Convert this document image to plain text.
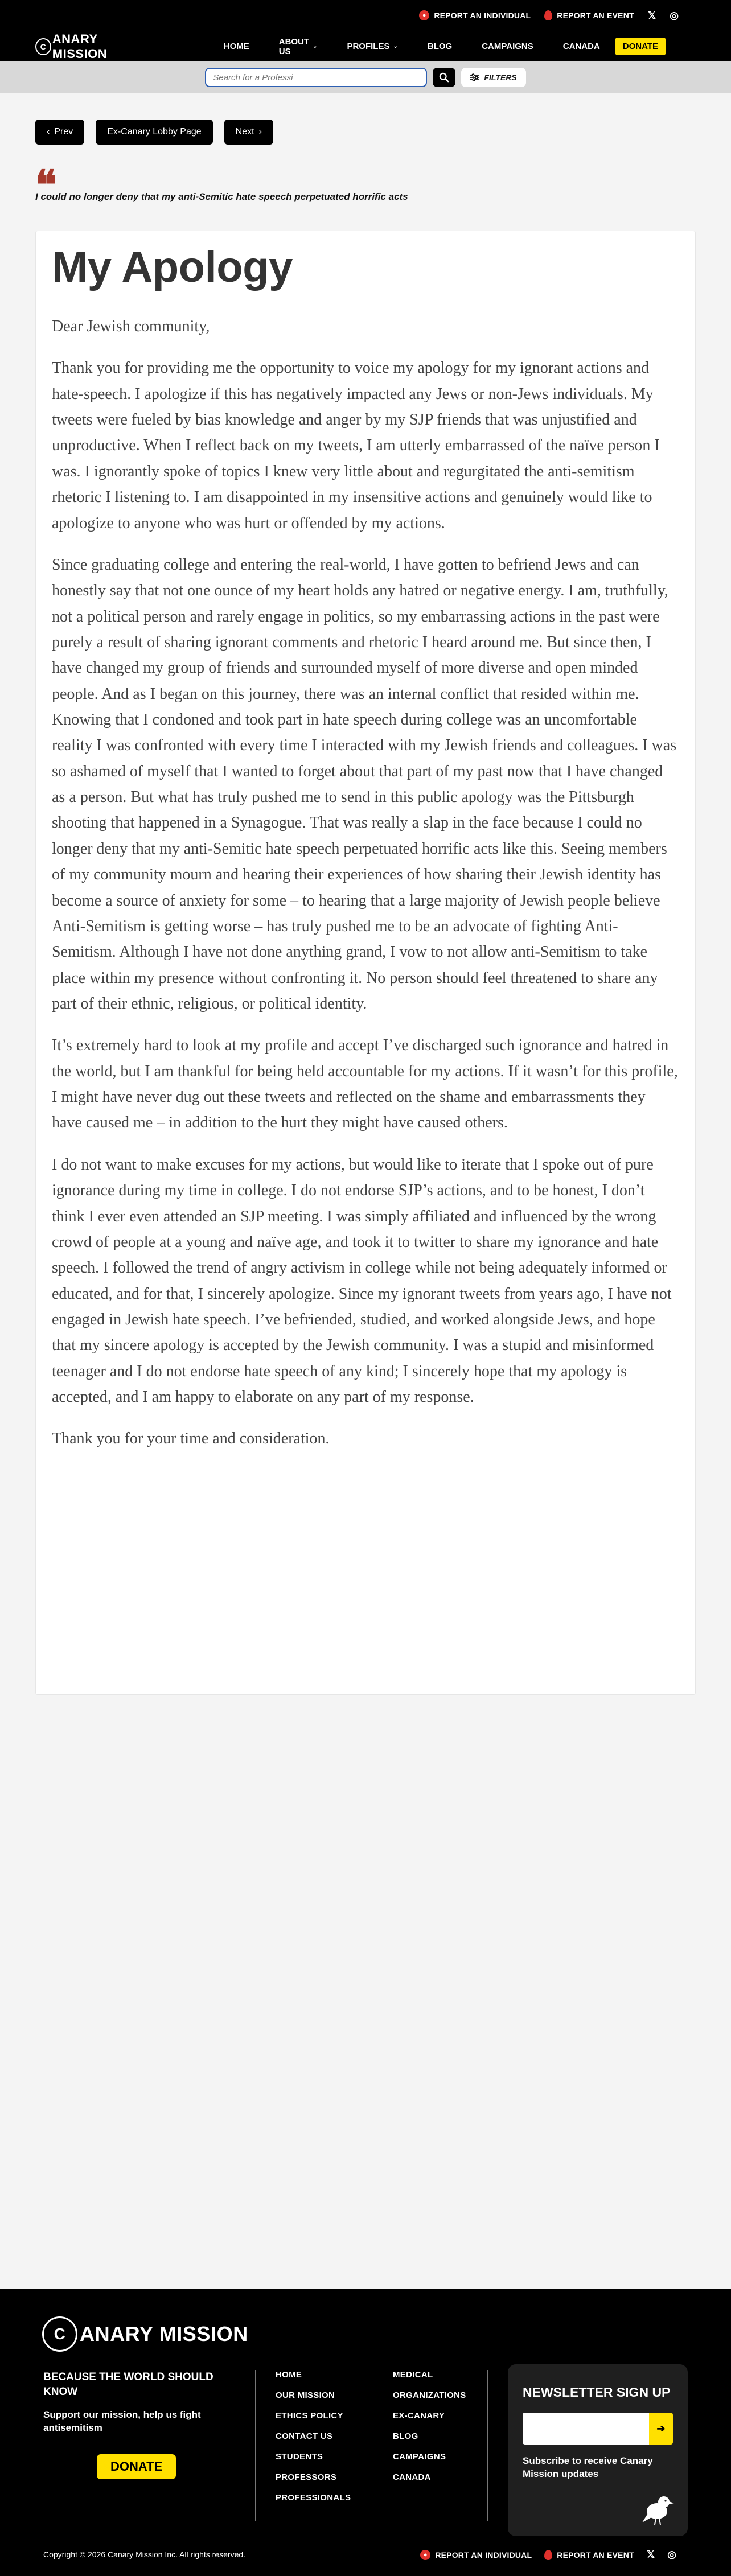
● REPORT AN INDIVIDUAL	REPORT AN EVENT 𝕏 ◎
C
ANARY MISSION	HOME	ABOUT US	⌄	PROFILES ⌄	BLOG	CAMPAIGNS	CANADA	DONATE
Search for a Professi
FILTERS
‹ Prev	Ex-Canary Lobby Page	Next ›
❝
I could no longer deny that my anti-Semitic hate speech perpetuated horrific acts
My Apology

Dear Jewish community,

Thank you for providing me the opportunity to voice my apology for my ignorant actions and hate-speech. I apologize if this has negatively impacted any Jews or non-Jews individuals. My tweets were fueled by bias knowledge and anger by my SJP friends that was unjustified and unproductive. When I reflect back on my tweets, I am utterly embarrassed of the naïve person I was. I ignorantly spoke of topics I knew very little about and regurgitated the anti-semitism rhetoric I listening to. I am disappointed in my insensitive actions and genuinely would like to apologize to anyone who was hurt or offended by my actions.

Since graduating college and entering the real-world, I have gotten to befriend Jews and can honestly say that not one ounce of my heart holds any hatred or negative energy. I am, truthfully, not a political person and rarely engage in politics, so my embarrassing actions in the past were purely a result of sharing ignorant comments and rhetoric I heard around me. But since then, I have changed my group of friends and surrounded myself of more diverse and open minded people. And as I began on this journey, there was an internal conflict that resided within me. Knowing that I condoned and took part in hate speech during college was an uncomfortable reality I was confronted with every time I interacted with my Jewish friends and colleagues. I was so ashamed of myself that I wanted to forget about that part of my past now that I have changed as a person. But what has truly pushed me to send in this public apology was the Pittsburgh shooting that happened in a Synagogue. That was really a slap in the face because I could no longer deny that my anti-Semitic hate speech perpetuated horrific acts like this. Seeing members of my community mourn and hearing their experiences of how sharing their Jewish identity has become a source of anxiety for some – to hearing that a large majority of Jewish people believe Anti-Semitism is getting worse – has truly pushed me to be an advocate of fighting Anti-Semitism. Although I have not done anything grand, I vow to not allow anti-Semitism to take place within my presence without confronting it. No person should feel threatened to share any part of their ethnic, religious, or political identity.

It’s extremely hard to look at my profile and accept I’ve discharged such ignorance and hatred in the world, but I am thankful for being held accountable for my actions. If it wasn’t for this profile, I might have never dug out these tweets and reflected on the shame and embarrassments they have caused me – in addition to the hurt they might have caused others.

I do not want to make excuses for my actions, but would like to iterate that I spoke out of pure ignorance during my time in college. I do not endorse SJP’s actions, and to be honest, I don’t think I ever even attended an SJP meeting. I was simply affiliated and influenced by the wrong crowd of people at a young and naïve age, and took it to twitter to share my ignorance and hate speech. I followed the trend of angry activism in college while not being adequately informed or educated, and for that, I sincerely apologize. Since my ignorant tweets from years ago, I have not engaged in Jewish hate speech. I’ve befriended, studied, and worked alongside Jews, and hope that my sincere apology is accepted by the Jewish community. I was a stupid and misinformed teenager and I do not endorse hate speech of any kind; I sincerely hope that my apology is accepted, and I am happy to elaborate on any part of my response.

Thank you for your time and consideration.

C ANARY MISSION
BECAUSE THE WORLD SHOULD KNOW
Support our mission, help us fight antisemitism
DONATE
HOME
OUR MISSION
ETHICS POLICY
CONTACT US
STUDENTS
PROFESSORS
PROFESSIONALS
MEDICAL
ORGANIZATIONS
EX-CANARY
BLOG
CAMPAIGNS
CANADA
NEWSLETTER SIGN UP
➔
Subscribe to receive Canary Mission updates
Copyright © 2026 Canary Mission Inc. All rights reserved.	● REPORT AN INDIVIDUAL	REPORT AN EVENT 𝕏 ◎
